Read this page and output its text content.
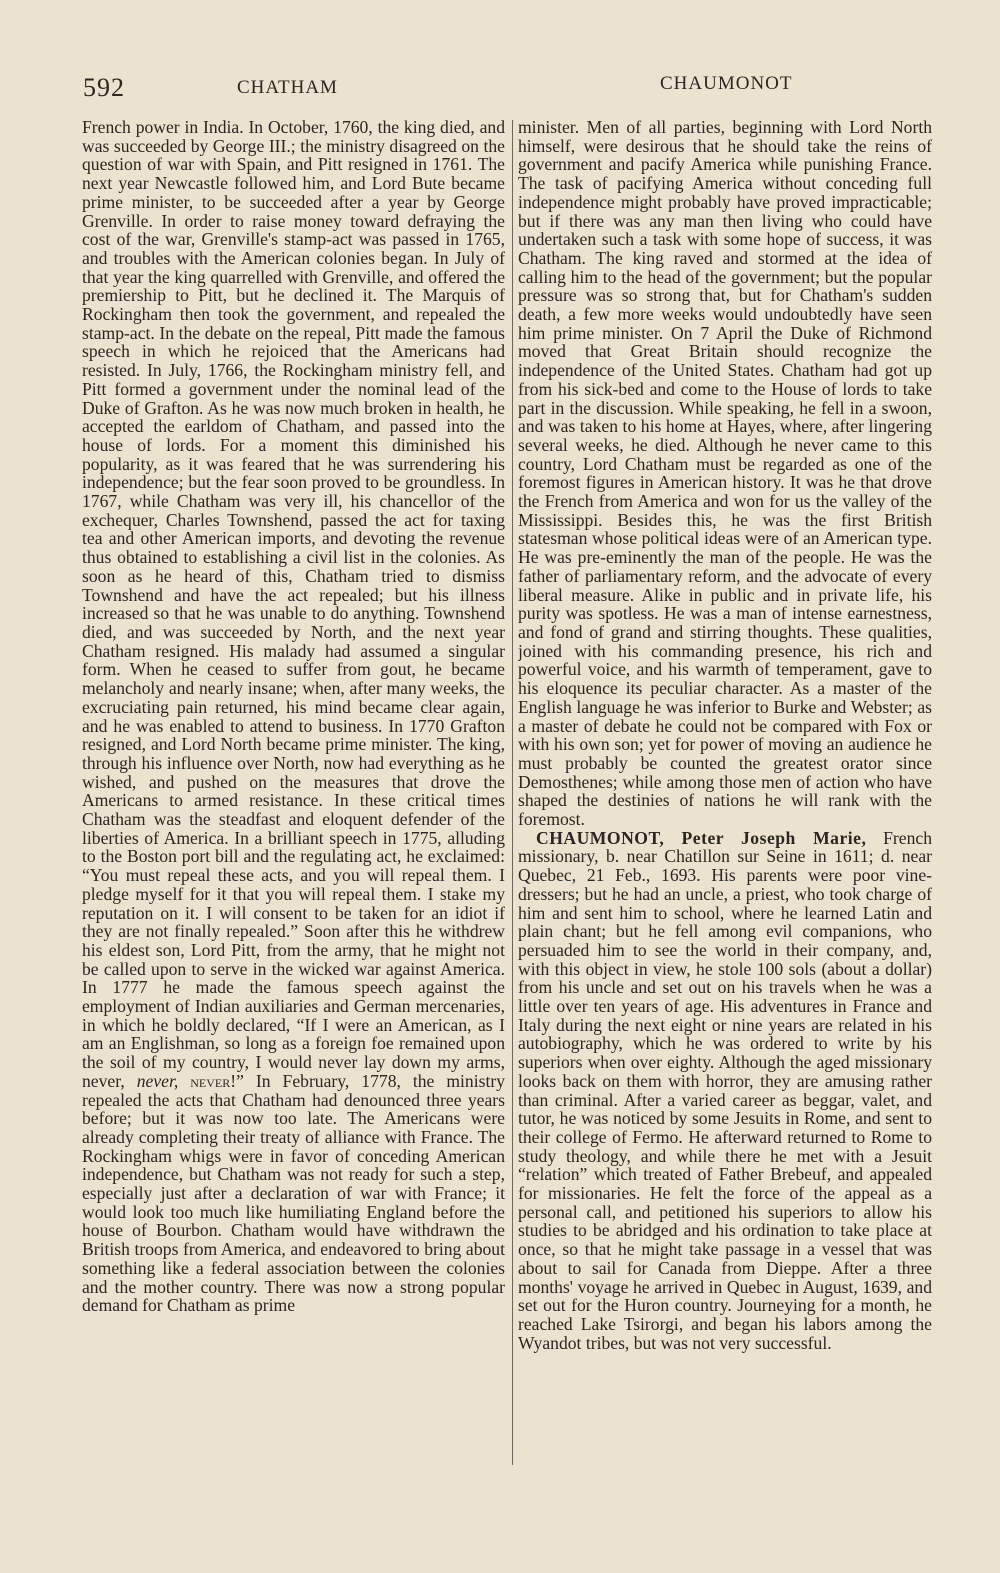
592	CHATHAM	CHAUMONOT

French power in India. In October, 1760, the king died, and was succeeded by George III.; the ministry disagreed on the question of war with Spain, and Pitt resigned in 1761. The next year Newcastle followed him, and Lord Bute became prime minister, to be succeeded after a year by George Grenville. In order to raise money toward defraying the cost of the war, Grenville's stamp-act was passed in 1765, and troubles with the American colonies began. In July of that year the king quarrelled with Grenville, and offered the premiership to Pitt, but he declined it. The Marquis of Rockingham then took the government, and repealed the stamp-act. In the debate on the repeal, Pitt made the famous speech in which he rejoiced that the Americans had resisted. In July, 1766, the Rockingham ministry fell, and Pitt formed a government under the nominal lead of the Duke of Grafton. As he was now much broken in health, he accepted the earldom of Chatham, and passed into the house of lords. For a moment this diminished his popularity, as it was feared that he was surrendering his independence; but the fear soon proved to be groundless. In 1767, while Chatham was very ill, his chancellor of the exchequer, Charles Townshend, passed the act for taxing tea and other American imports, and devoting the revenue thus obtained to establishing a civil list in the colonies. As soon as he heard of this, Chatham tried to dismiss Townshend and have the act repealed; but his illness increased so that he was unable to do anything. Townshend died, and was succeeded by North, and the next year Chatham resigned. His malady had assumed a singular form. When he ceased to suffer from gout, he became melancholy and nearly insane; when, after many weeks, the excruciating pain returned, his mind became clear again, and he was enabled to attend to business. In 1770 Grafton resigned, and Lord North became prime minister. The king, through his influence over North, now had everything as he wished, and pushed on the measures that drove the Americans to armed resistance. In these critical times Chatham was the steadfast and eloquent defender of the liberties of America. In a brilliant speech in 1775, alluding to the Boston port bill and the regulating act, he exclaimed: “You must repeal these acts, and you will repeal them. I pledge myself for it that you will repeal them. I stake my reputation on it. I will consent to be taken for an idiot if they are not finally repealed.” Soon after this he withdrew his eldest son, Lord Pitt, from the army, that he might not be called upon to serve in the wicked war against America. In 1777 he made the famous speech against the employment of Indian auxiliaries and German mercenaries, in which he boldly declared, “If I were an American, as I am an Englishman, so long as a foreign foe remained upon the soil of my country, I would never lay down my arms, never, never, never!” In February, 1778, the ministry repealed the acts that Chatham had denounced three years before; but it was now too late. The Americans were already completing their treaty of alliance with France. The Rockingham whigs were in favor of conceding American independence, but Chatham was not ready for such a step, especially just after a declaration of war with France; it would look too much like humiliating England before the house of Bourbon. Chatham would have withdrawn the British troops from America, and endeavored to bring about something like a federal association between the colonies and the mother country. There was now a strong popular demand for Chatham as prime

minister. Men of all parties, beginning with Lord North himself, were desirous that he should take the reins of government and pacify America while punishing France. The task of pacifying America without conceding full independence might probably have proved impracticable; but if there was any man then living who could have undertaken such a task with some hope of success, it was Chatham. The king raved and stormed at the idea of calling him to the head of the government; but the popular pressure was so strong that, but for Chatham's sudden death, a few more weeks would undoubtedly have seen him prime minister. On 7 April the Duke of Richmond moved that Great Britain should recognize the independence of the United States. Chatham had got up from his sick-bed and come to the House of lords to take part in the discussion. While speaking, he fell in a swoon, and was taken to his home at Hayes, where, after lingering several weeks, he died. Although he never came to this country, Lord Chatham must be regarded as one of the foremost figures in American history. It was he that drove the French from America and won for us the valley of the Mississippi. Besides this, he was the first British statesman whose political ideas were of an American type. He was pre-eminently the man of the people. He was the father of parliamentary reform, and the advocate of every liberal measure. Alike in public and in private life, his purity was spotless. He was a man of intense earnestness, and fond of grand and stirring thoughts. These qualities, joined with his commanding presence, his rich and powerful voice, and his warmth of temperament, gave to his eloquence its peculiar character. As a master of the English language he was inferior to Burke and Webster; as a master of debate he could not be compared with Fox or with his own son; yet for power of moving an audience he must probably be counted the greatest orator since Demosthenes; while among those men of action who have shaped the destinies of nations he will rank with the foremost.

CHAUMONOT, Peter Joseph Marie, French missionary, b. near Chatillon sur Seine in 1611; d. near Quebec, 21 Feb., 1693. His parents were poor vine-dressers; but he had an uncle, a priest, who took charge of him and sent him to school, where he learned Latin and plain chant; but he fell among evil companions, who persuaded him to see the world in their company, and, with this object in view, he stole 100 sols (about a dollar) from his uncle and set out on his travels when he was a little over ten years of age. His adventures in France and Italy during the next eight or nine years are related in his autobiography, which he was ordered to write by his superiors when over eighty. Although the aged missionary looks back on them with horror, they are amusing rather than criminal. After a varied career as beggar, valet, and tutor, he was noticed by some Jesuits in Rome, and sent to their college of Fermo. He afterward returned to Rome to study theology, and while there he met with a Jesuit “relation” which treated of Father Brebeuf, and appealed for missionaries. He felt the force of the appeal as a personal call, and petitioned his superiors to allow his studies to be abridged and his ordination to take place at once, so that he might take passage in a vessel that was about to sail for Canada from Dieppe. After a three months' voyage he arrived in Quebec in August, 1639, and set out for the Huron country. Journeying for a month, he reached Lake Tsirorgi, and began his labors among the Wyandot tribes, but was not very successful.
